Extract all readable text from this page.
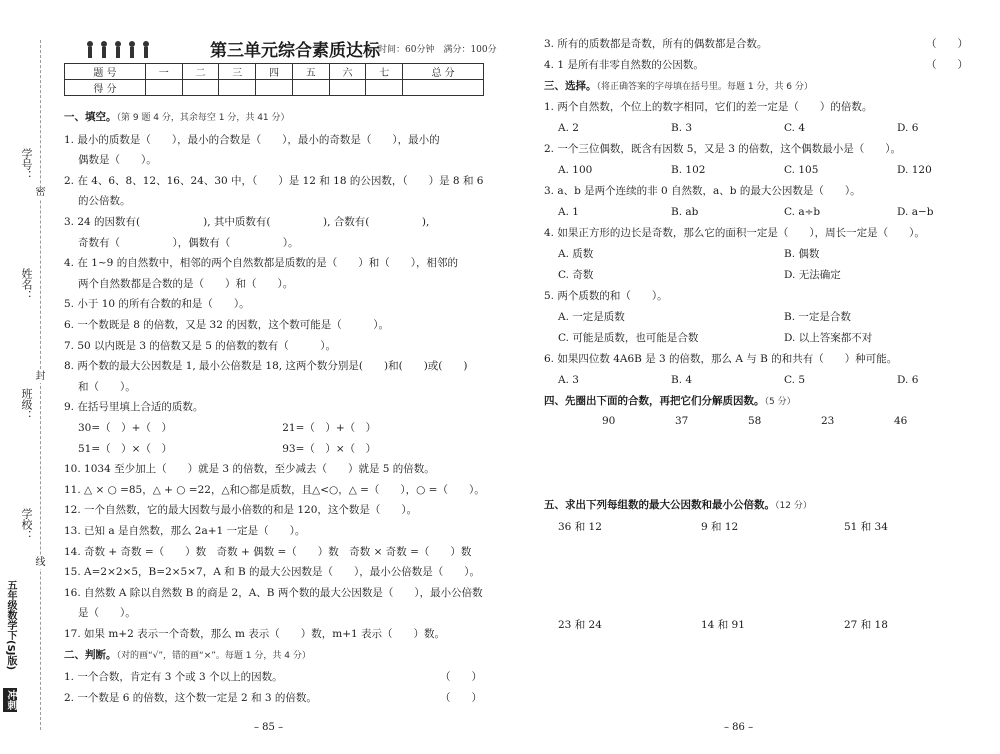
学号：
姓名：
班级：
学校：
密
封
线
五年级数学下(SJ版)
冲刺
第三单元综合素质达标
时间：60分钟　满分：100分
题 号	一	二	三	四	五	六	七	总 分
得 分								
一、填空。（第 9 题 4 分，其余每空 1 分，共 41 分）
1. 最小的质数是（　　），最小的合数是（　　），最小的奇数是（　　），最小的
偶数是（　　）。
2. 在 4、6、8、12、16、24、30 中，（　　）是 12 和 18 的公因数，（　　）是 8 和 6
的公倍数。
3. 24 的因数有(　　　　　　), 其中质数有(　　　　　), 合数有(　　　　　),
奇数有（　　　　　），偶数有（　　　　　）。
4. 在 1~9 的自然数中，相邻的两个自然数都是质数的是（　　）和（　　），相邻的
两个自然数都是合数的是（　　）和（　　）。
5. 小于 10 的所有合数的和是（　　）。
6. 一个数既是 8 的倍数，又是 32 的因数，这个数可能是（　　　）。
7. 50 以内既是 3 的倍数又是 5 的倍数的数有（　　　）。
8. 两个数的最大公因数是 1, 最小公倍数是 18, 这两个数分别是(　　)和(　　)或(　　)
和（　　）。
9. 在括号里填上合适的质数。
30=（　）+（　）　　　　　　　　　　　21=（　）+（　）
51=（　）×（　）　　　　　　　　　　　93=（　）×（　）
10. 1034 至少加上（　　）就是 3 的倍数，至少减去（　　）就是 5 的倍数。
11. △ × ○ =85，△ + ○ =22，△和○都是质数，且△<○，△ =（　　），○ =（　　）。
12. 一个自然数，它的最大因数与最小倍数的和是 120，这个数是（　　）。
13. 已知 a 是自然数，那么 2a+1 一定是（　　）。
14. 奇数 + 奇数 =（　　）数　奇数 + 偶数 =（　　）数　奇数 × 奇数 =（　　）数
15. A=2×2×5，B=2×5×7，A 和 B 的最大公因数是（　　），最小公倍数是（　　）。
16. 自然数 A 除以自然数 B 的商是 2，A、B 两个数的最大公因数是（　　），最小公倍数
是（　　）。
17. 如果 m+2 表示一个奇数，那么 m 表示（　　）数，m+1 表示（　　）数。
二、判断。（对的画“√”，错的画“×”。每题 1 分，共 4 分）
1. 一个合数，肯定有 3 个或 3 个以上的因数。	（　　）
2. 一个数是 6 的倍数，这个数一定是 2 和 3 的倍数。	（　　）
– 85 –
3. 所有的质数都是奇数，所有的偶数都是合数。	（　　）
4. 1 是所有非零自然数的公因数。	（　　）
三、选择。（将正确答案的字母填在括号里。每题 1 分，共 6 分）
1. 两个自然数，个位上的数字相同，它们的差一定是（　　）的倍数。
A. 2	B. 3	C. 4	D. 6
2. 一个三位偶数，既含有因数 5，又是 3 的倍数，这个偶数最小是（　　）。
A. 100	B. 102	C. 105	D. 120
3. a、b 是两个连续的非 0 自然数，a、b 的最大公因数是（　　）。
A. 1	B. ab	C. a÷b	D. a−b
4. 如果正方形的边长是奇数，那么它的面积一定是（　　），周长一定是（　　）。
A. 质数	B. 偶数
C. 奇数	D. 无法确定
5. 两个质数的和（　　）。
A. 一定是质数	B. 一定是合数
C. 可能是质数，也可能是合数	D. 以上答案都不对
6. 如果四位数 4A6B 是 3 的倍数，那么 A 与 B 的和共有（　　）种可能。
A. 3	B. 4	C. 5	D. 6
四、先圈出下面的合数，再把它们分解质因数。（5 分）
90	37	58	23	46
五、求出下列每组数的最大公因数和最小公倍数。（12 分）
36 和 12	9 和 12	51 和 34
23 和 24	14 和 91	27 和 18
– 86 –
